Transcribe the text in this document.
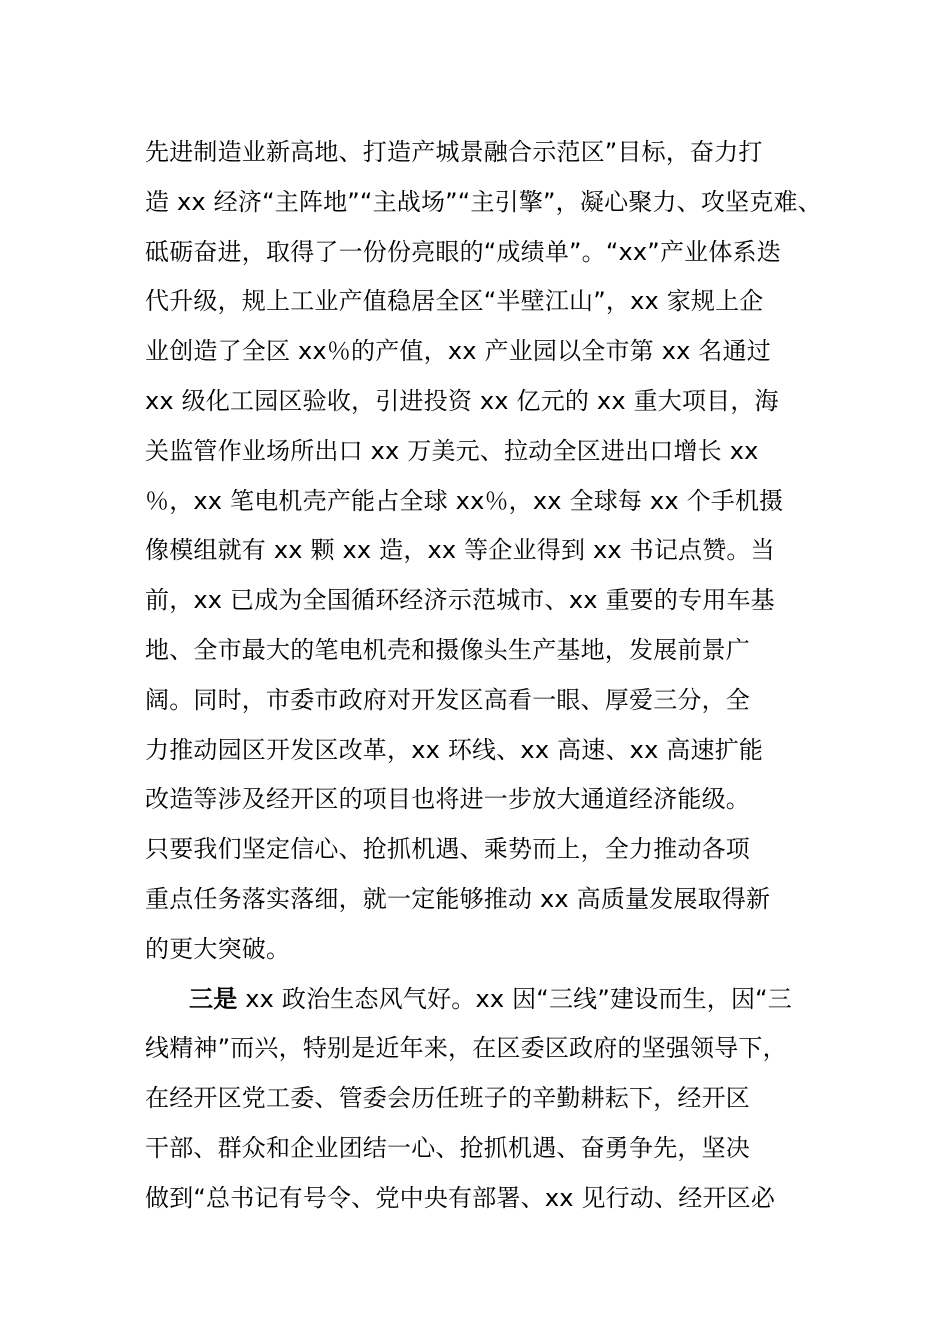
先进制造业新高地、打造产城景融合示范区”目标，奋力打
造 xx 经济“主阵地”“主战场”“主引擎”，凝心聚力、攻坚克难、
砥砺奋进，取得了一份份亮眼的“成绩单”。“xx”产业体系迭
代升级，规上工业产值稳居全区“半壁江山”，xx 家规上企
业创造了全区 xx％的产值，xx 产业园以全市第 xx 名通过
xx 级化工园区验收，引进投资 xx 亿元的 xx 重大项目，海
关监管作业场所出口 xx 万美元、拉动全区进出口增长 xx
％，xx 笔电机壳产能占全球 xx％，xx 全球每 xx 个手机摄
像模组就有 xx 颗 xx 造，xx 等企业得到 xx 书记点赞。当
前，xx 已成为全国循环经济示范城市、xx 重要的专用车基
地、全市最大的笔电机壳和摄像头生产基地，发展前景广
阔。同时，市委市政府对开发区高看一眼、厚爱三分，全
力推动园区开发区改革，xx 环线、xx 高速、xx 高速扩能
改造等涉及经开区的项目也将进一步放大通道经济能级。
只要我们坚定信心、抢抓机遇、乘势而上，全力推动各项
重点任务落实落细，就一定能够推动 xx 高质量发展取得新
的更大突破。
三是 xx 政治生态风气好。xx 因“三线”建设而生，因“三
线精神”而兴，特别是近年来，在区委区政府的坚强领导下，
在经开区党工委、管委会历任班子的辛勤耕耘下，经开区
干部、群众和企业团结一心、抢抓机遇、奋勇争先，坚决
做到“总书记有号令、党中央有部署、xx 见行动、经开区必
